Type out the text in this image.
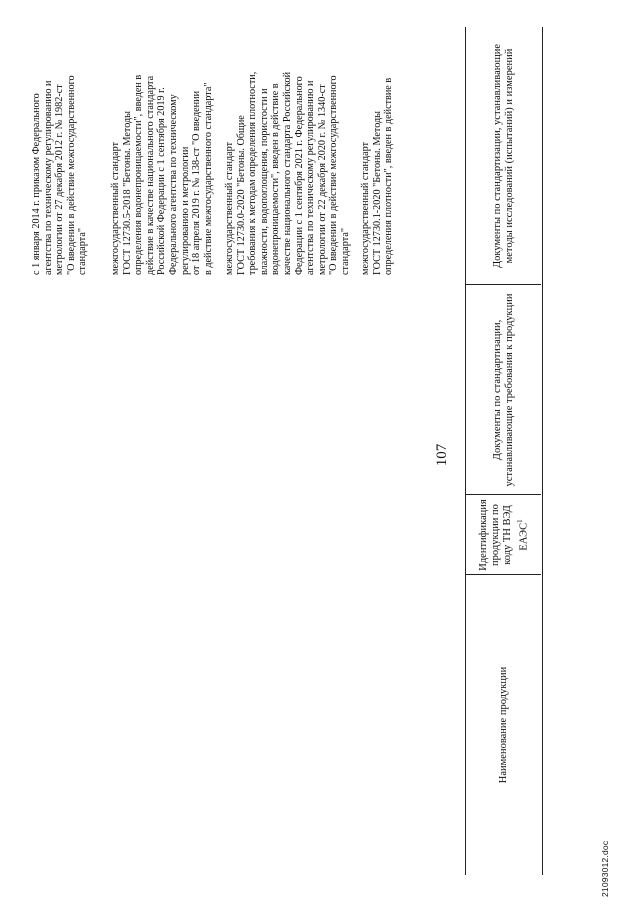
107
Наименование продукции
Идентификация продукции по коду ТН ВЭД ЕАЭС$^1$
Документы по стандартизации, устанавливающие требования к продукции
Документы по стандартизации, устанавливающие методы исследований (испытаний) и измерений
с 1 января 2014 г. приказом Федерального
агентства по техническому регулированию и
метрологии от 27 декабря 2012 г. № 1982-ст
"О введении в действие межгосударственного
стандарта" межгосударственный стандарт
ГОСТ 12730.5-2018 "Бетоны. Методы
определения водонепроницаемости", введен в
действие в качестве национального стандарта
Российской Федерации с 1 сентября 2019 г.
Федерального агентства по техническому
регулированию и метрологии
от 18 апреля 2019 г. № 138-ст "О введении
в действие межгосударственного стандарта"
межгосударственный стандарт
ГОСТ 12730.0-2020 "Бетоны. Общие
требования к методам определения плотности,
влажности, водопоглощения, пористости и
водонепроницаемости", введен в действие в
качестве национального стандарта Российской
Федерации с 1 сентября 2021 г. Федерального
агентства по техническому регулированию и
метрологии от 22 декабря 2020 г. № 1340-ст
"О введении в действие межгосударственного
стандарта" межгосударственный стандарт
ГОСТ 12730.1-2020 "Бетоны. Методы
определения плотности", введен в действие в
21093012.doc
